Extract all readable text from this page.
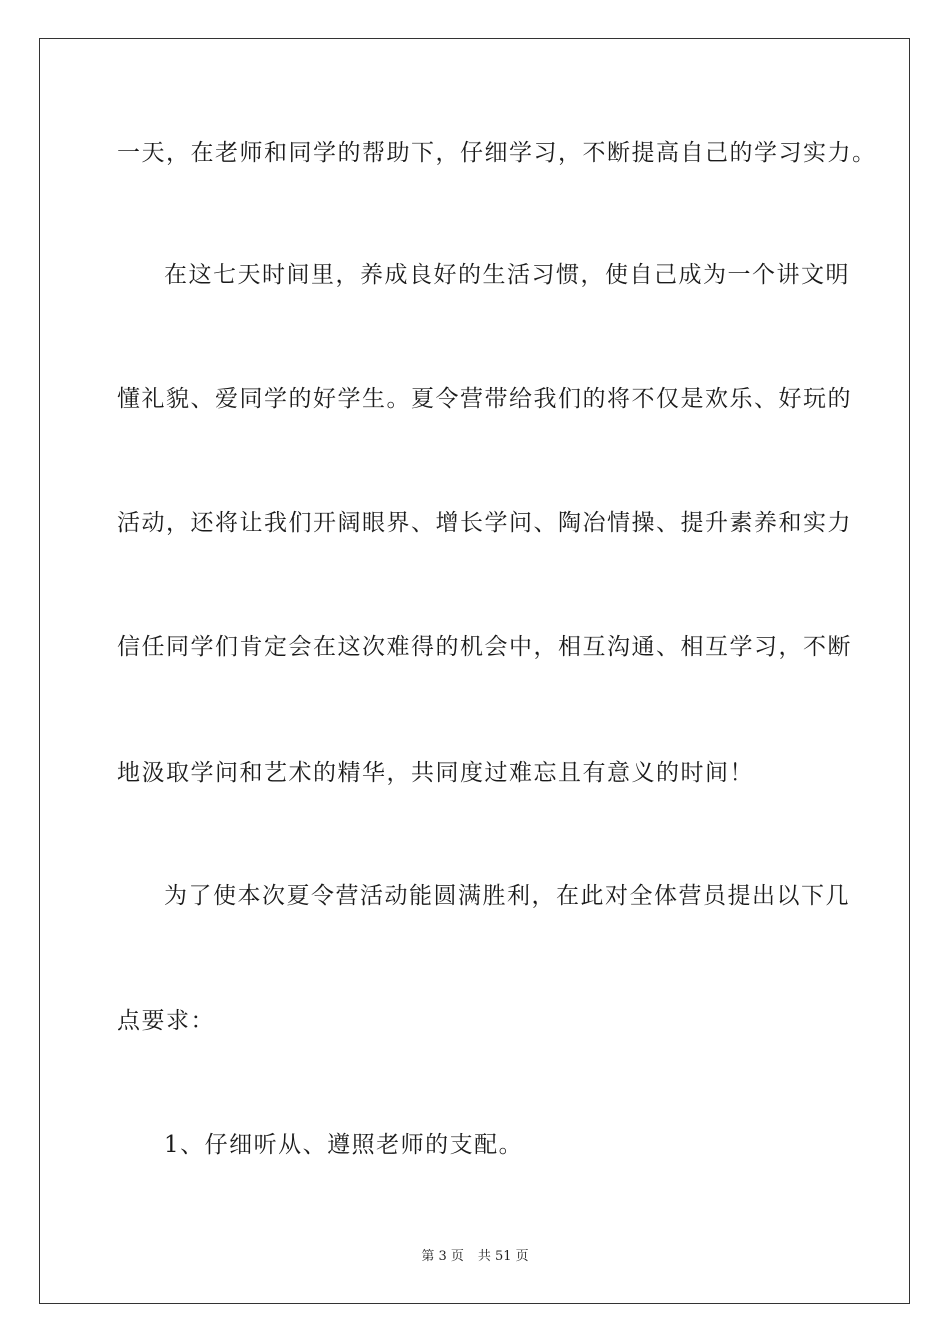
一天，在老师和同学的帮助下，仔细学习，不断提高自己的学习实力。
在这七天时间里，养成良好的生活习惯，使自己成为一个讲文明
懂礼貌、爱同学的好学生。夏令营带给我们的将不仅是欢乐、好玩的
活动，还将让我们开阔眼界、增长学问、陶冶情操、提升素养和实力
信任同学们肯定会在这次难得的机会中，相互沟通、相互学习，不断
地汲取学问和艺术的精华，共同度过难忘且有意义的时间！
为了使本次夏令营活动能圆满胜利，在此对全体营员提出以下几
点要求：
1、仔细听从、遵照老师的支配。
第 3 页 共 51 页
